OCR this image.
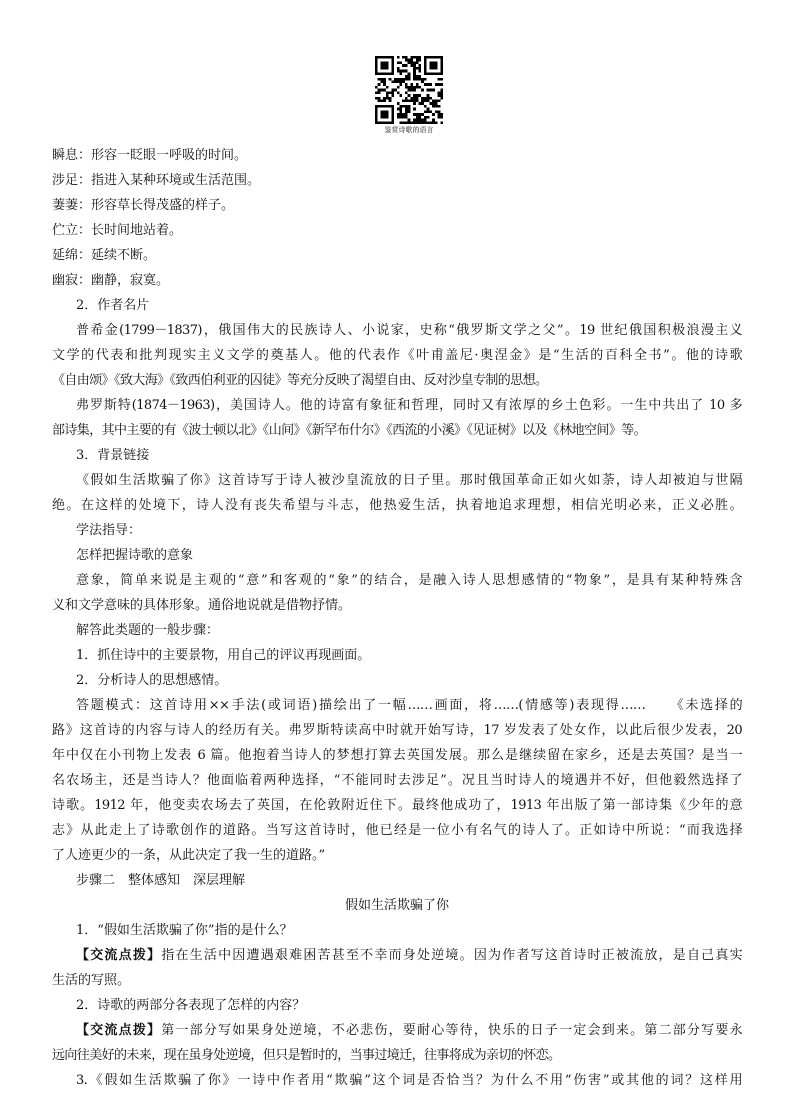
鉴赏诗歌的语言
瞬息：形容一眨眼一呼吸的时间。
涉足：指进入某种环境或生活范围。
萋萋：形容草长得茂盛的样子。
伫立：长时间地站着。
延绵：延续不断。
幽寂：幽静，寂寞。
2．作者名片
普希金(1799－1837)，俄国伟大的民族诗人、小说家，史称“俄罗斯文学之父”。19 世纪俄国积极浪漫主义
文学的代表和批判现实主义文学的奠基人。他的代表作《叶甫盖尼·奥涅金》是“生活的百科全书”。他的诗歌
《自由颂》《致大海》《致西伯利亚的囚徒》等充分反映了渴望自由、反对沙皇专制的思想。
弗罗斯特(1874－1963)，美国诗人。他的诗富有象征和哲理，同时又有浓厚的乡土色彩。一生中共出了 10 多
部诗集，其中主要的有《波士顿以北》《山间》《新罕布什尔》《西流的小溪》《见证树》以及《林地空间》等。
3．背景链接
《假如生活欺骗了你》这首诗写于诗人被沙皇流放的日子里。那时俄国革命正如火如荼，诗人却被迫与世隔
绝。在这样的处境下，诗人没有丧失希望与斗志，他热爱生活，执着地追求理想，相信光明必来，正义必胜。
学法指导：
怎样把握诗歌的意象
意象，简单来说是主观的“意”和客观的“象”的结合，是融入诗人思想感情的“物象”，是具有某种特殊含
义和文学意味的具体形象。通俗地说就是借物抒情。
解答此类题的一般步骤：
1．抓住诗中的主要景物，用自己的评议再现画面。
2．分析诗人的思想感情。
答题模式：这首诗用××手法(或词语)描绘出了一幅……画面，将……(情感等)表现得……　　《未选择的
路》这首诗的内容与诗人的经历有关。弗罗斯特读高中时就开始写诗，17 岁发表了处女作，以此后很少发表，20
年中仅在小刊物上发表 6 篇。他抱着当诗人的梦想打算去英国发展。那么是继续留在家乡，还是去英国？是当一
名农场主，还是当诗人？他面临着两种选择，“不能同时去涉足”。况且当时诗人的境遇并不好，但他毅然选择了
诗歌。1912 年，他变卖农场去了英国，在伦敦附近住下。最终他成功了，1913 年出版了第一部诗集《少年的意
志》从此走上了诗歌创作的道路。当写这首诗时，他已经是一位小有名气的诗人了。正如诗中所说：“而我选择
了人迹更少的一条，从此决定了我一生的道路。”
步骤二　整体感知　深层理解
假如生活欺骗了你
1．“假如生活欺骗了你”指的是什么？
【交流点拨】指在生活中因遭遇艰难困苦甚至不幸而身处逆境。因为作者写这首诗时正被流放，是自己真实
生活的写照。
2．诗歌的两部分各表现了怎样的内容？
【交流点拨】第一部分写如果身处逆境，不必悲伤，要耐心等待，快乐的日子一定会到来。第二部分写要永
远向往美好的未来，现在虽身处逆境，但只是暂时的，当事过境迁，往事将成为亲切的怀恋。
3.《假如生活欺骗了你》一诗中作者用“欺骗”这个词是否恰当？为什么不用“伤害”或其他的词？这样用
